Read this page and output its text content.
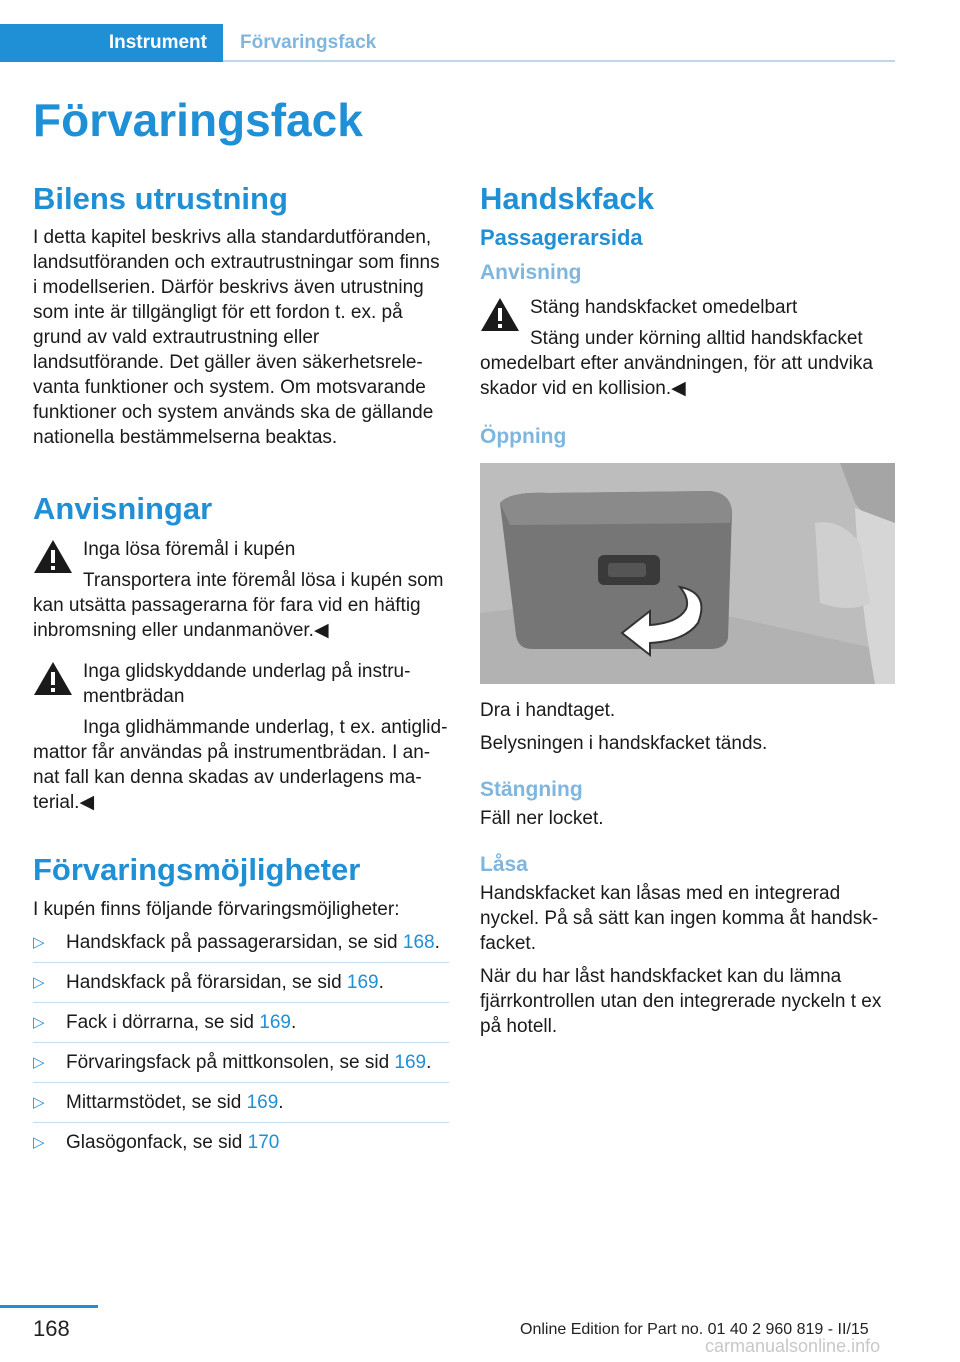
Instrument	Förvaringsfack
Förvaringsfack
Bilens utrustning

I detta kapitel beskrivs alla standardutföranden, landsutföranden och extrautrustningar som finns i modellserien. Därför beskrivs även utrustning som inte är tillgängligt för ett fordon t. ex. på grund av vald extrautrustning eller landsutförande. Det gäller även säkerhetsrelevanta funktioner och system. Om motsvarande funktioner och system används ska de gällande nationella bestämmelserna beaktas.

Anvisningar

Inga lösa föremål i kupén

Transportera inte föremål lösa i kupén som kan utsätta passagerarna för fara vid en häftig inbromsning eller undanmanöver.◀

Inga glidskyddande underlag på instrumentbrädan

Inga glidhämmande underlag, t ex. antiglidmattor får användas på instrumentbrädan. I annat fall kan denna skadas av underlagens material.◀

Förvaringsmöjligheter

I kupén finns följande förvaringsmöjligheter:

▷ Handskfack på passagerarsidan, se sid 168.
▷ Handskfack på förarsidan, se sid 169.
▷ Fack i dörrarna, se sid 169.
▷ Förvaringsfack på mittkonsolen, se sid 169.
▷ Mittarmstödet, se sid 169.
▷ Glasögonfack, se sid 170
Handskfack
Passagerarsida
Anvisning

Stäng handskfacket omedelbart

Stäng under körning alltid handskfacket omedelbart efter användningen, för att undvika skador vid en kollision.◀

Öppning

Dra i handtaget.

Belysningen i handskfacket tänds.

Stängning

Fäll ner locket.

Låsa

Handskfacket kan låsas med en integrerad nyckel. På så sätt kan ingen komma åt handskfacket.

När du har låst handskfacket kan du lämna fjärrkontrollen utan den integrerade nyckeln t ex på hotell.

168	Online Edition for Part no. 01 40 2 960 819 - II/15
carmanualsonline.info
